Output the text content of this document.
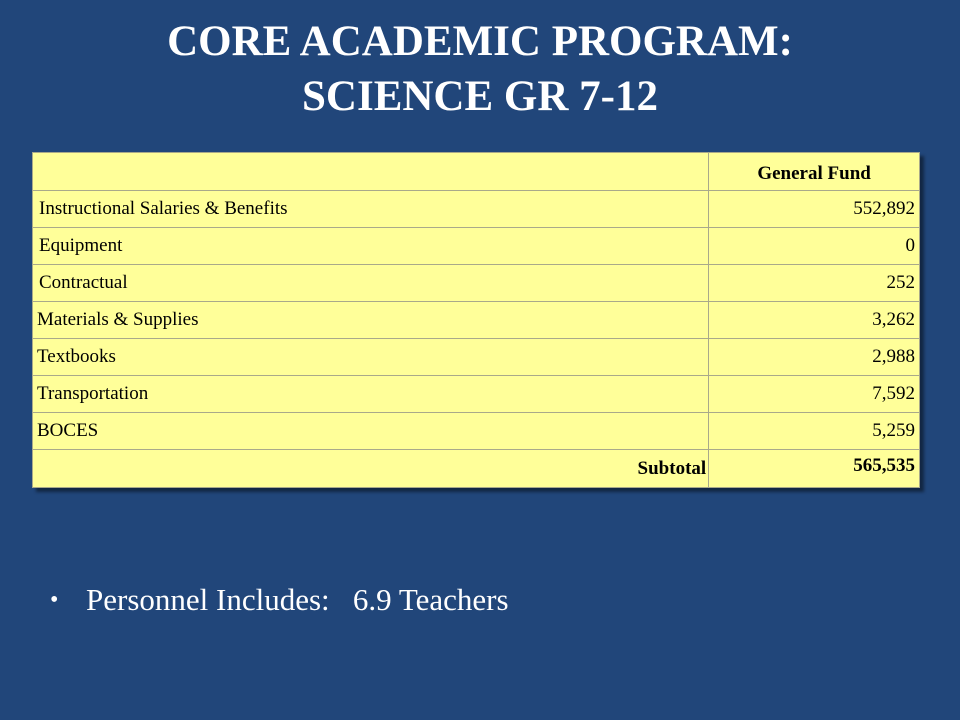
CORE ACADEMIC PROGRAM:
SCIENCE GR 7-12
	General Fund
Instructional Salaries & Benefits	552,892
Equipment	0
Contractual	252
Materials & Supplies	3,262
Textbooks	2,988
Transportation	7,592
BOCES	5,259
Subtotal	565,535
• Personnel Includes: 6.9 Teachers
